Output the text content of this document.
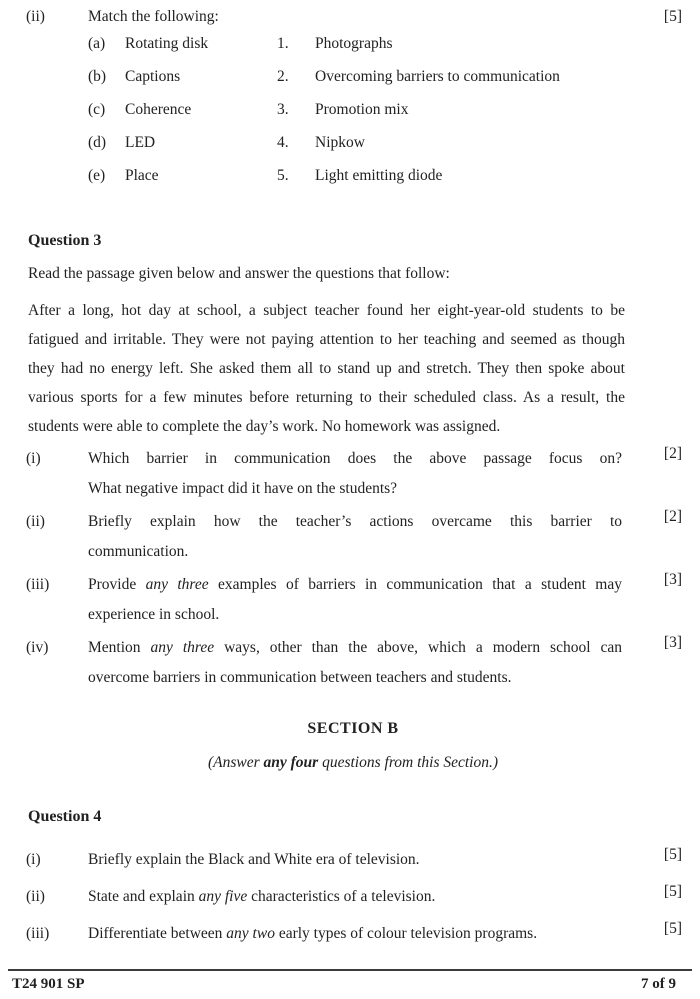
(ii)	Match the following:	[5]
(a)	Rotating disk	1.	Photographs
(b)	Captions	2.	Overcoming barriers to communication
(c)	Coherence	3.	Promotion mix
(d)	LED	4.	Nipkow
(e)	Place	5.	Light emitting diode
Question 3
Read the passage given below and answer the questions that follow:
After a long, hot day at school, a subject teacher found her eight-year-old students to be
fatigued and irritable. They were not paying attention to her teaching and seemed as though
they had no energy left. She asked them all to stand up and stretch. They then spoke about
various sports for a few minutes before returning to their scheduled class. As a result, the
students were able to complete the day’s work. No homework was assigned.
(i)	Which barrier in communication does the above passage focus on?
What negative impact did it have on the students?
[2]
(ii)	Briefly explain how the teacher’s actions overcame this barrier to
communication.
[2]
(iii)	Provide any three examples of barriers in communication that a student may
experience in school.
[3]
(iv)	Mention any three ways, other than the above, which a modern school can
overcome barriers in communication between teachers and students.
[3]
SECTION B
(Answer any four questions from this Section.)
Question 4
(i)	Briefly explain the Black and White era of television.	[5]
(ii)	State and explain any five characteristics of a television.	[5]
(iii)	Differentiate between any two early types of colour television programs.	[5]
T24 901 SP	7 of 9
